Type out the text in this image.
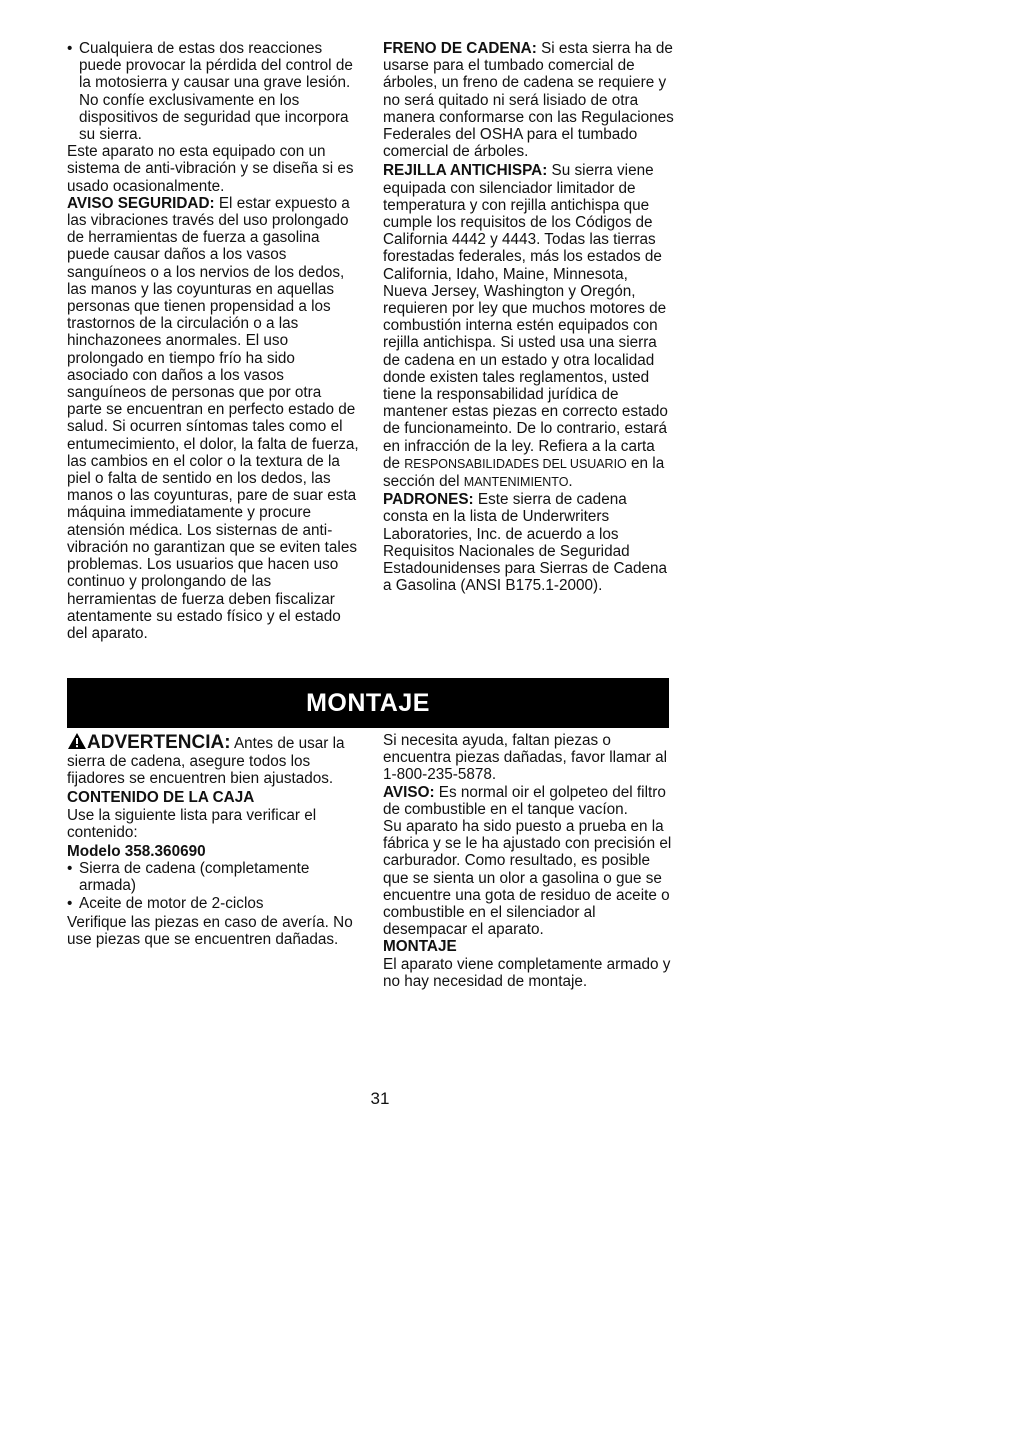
• Cualquiera de estas dos reacciones puede provocar la pérdida del control de la motosierra y causar una grave lesión. No confíe exclusivamente en los dispositivos de seguridad que incorpora su sierra.

Este aparato no esta equipado con un sistema de anti-vibración y se diseña si es usado ocasionalmente.

AVISO SEGURIDAD: El estar expuesto a las vibraciones través del uso prolongado de herramientas de fuerza a gasolina puede causar daños a los vasos sanguíneos o a los nervios de los dedos, las manos y las coyunturas en aquellas personas que tienen propensidad a los trastornos de la circulación o a las hinchazonees anormales. El uso prolongado en tiempo frío ha sido asociado con daños a los vasos sanguíneos de personas que por otra parte se encuentran en perfecto estado de salud. Si ocurren síntomas tales como el entumecimiento, el dolor, la falta de fuerza, las cambios en el color o la textura de la piel o falta de sentido en los dedos, las manos o las coyunturas, pare de suar esta máquina immediatamente y procure atensión médica. Los sisternas de anti-vibración no garantizan que se eviten tales problemas. Los usuarios que hacen uso continuo y prolongando de las herramientas de fuerza deben fiscalizar atentamente su estado físico y el estado del aparato.

FRENO DE CADENA: Si esta sierra ha de usarse para el tumbado comercial de árboles, un freno de cadena se requiere y no será quitado ni será lisiado de otra manera conformarse con las Regulaciones Federales del OSHA para el tumbado comercial de árboles.

REJILLA ANTICHISPA: Su sierra viene equipada con silenciador limitador de temperatura y con rejilla antichispa que cumple los requisitos de los Códigos de California 4442 y 4443. Todas las tierras forestadas federales, más los estados de California, Idaho, Maine, Minnesota, Nueva Jersey, Washington y Oregón, requieren por ley que muchos motores de combustión interna estén equipados con rejilla antichispa. Si usted usa una sierra de cadena en un estado y otra localidad donde existen tales reglamentos, usted tiene la responsabilidad jurídica de mantener estas piezas en correcto estado de funcionameinto. De lo contrario, estará en infracción de la ley. Refiera a la carta de RESPONSABILIDADES DEL USUARIO en la sección del MANTENIMIENTO.

PADRONES: Este sierra de cadena consta en la lista de Underwriters Laboratories, Inc. de acuerdo a los Requisitos Nacionales de Seguridad Estadounidenses para Sierras de Cadena a Gasolina (ANSI B175.1-2000).

MONTAJE

ADVERTENCIA: Antes de usar la sierra de cadena, asegure todos los fijadores se encuentren bien ajustados.

CONTENIDO DE LA CAJA

Use la siguiente lista para verificar el contenido:

Modelo 358.360690

• Sierra de cadena (completamente armada)
• Aceite de motor de 2-ciclos

Verifique las piezas en caso de avería. No use piezas que se encuentren dañadas.

Si necesita ayuda, faltan piezas o encuentra piezas dañadas, favor llamar al 1-800-235-5878.

AVISO: Es normal oir el golpeteo del filtro de combustible en el tanque vacíon.

Su aparato ha sido puesto a prueba en la fábrica y se le ha ajustado con precisión el carburador. Como resultado, es posible que se sienta un olor a gasolina o gue se encuentre una gota de residuo de aceite o combustible en el silenciador al desempacar el aparato.

MONTAJE

El aparato viene completamente armado y no hay necesidad de montaje.

31
